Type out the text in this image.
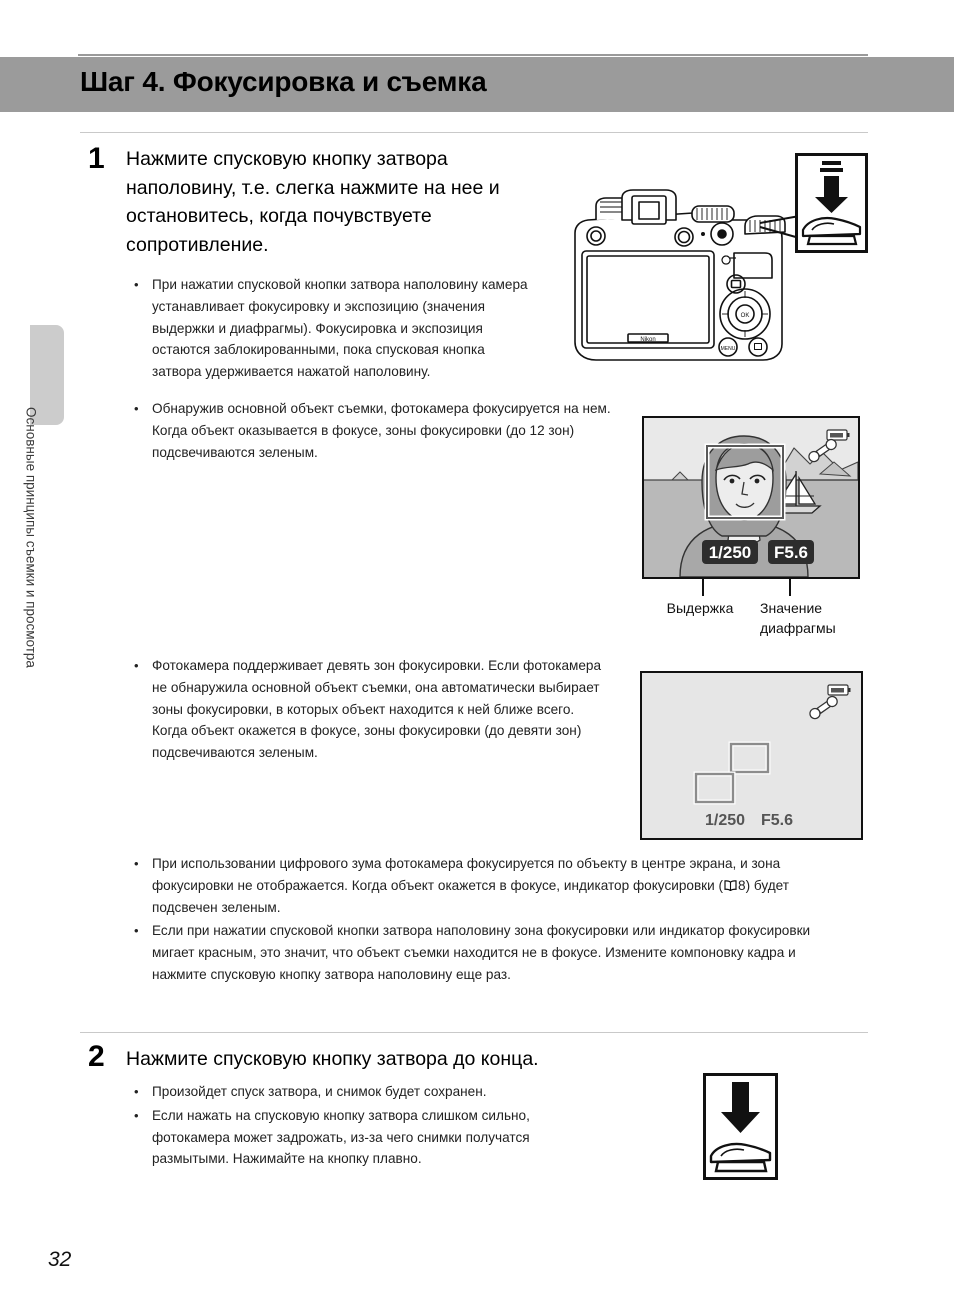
Шаг 4. Фокусировка и съемка
Основные принципы съемки и просмотра
1 Нажмите спусковую кнопку затвора наполовину, т.е. слегка нажмите на нее и остановитесь, когда почувствуете сопротивление.
• При нажатии спусковой кнопки затвора наполовину камера устанавливает фокусировку и экспозицию (значения выдержки и диафрагмы). Фокусировка и экспозиция остаются заблокированными, пока спусковая кнопка затвора удерживается нажатой наполовину.
• Обнаружив основной объект съемки, фотокамера фокусируется на нем. Когда объект оказывается в фокусе, зоны фокусировки (до 12 зон) подсвечиваются зеленым.
• Фотокамера поддерживает девять зон фокусировки. Если фотокамера не обнаружила основной объект съемки, она автоматически выбирает зоны фокусировки, в которых объект находится к ней ближе всего. Когда объект окажется в фокусе, зоны фокусировки (до девяти зон) подсвечиваются зеленым.
• При использовании цифрового зума фотокамера фокусируется по объекту в центре экрана, и зона фокусировки не отображается. Когда объект окажется в фокусе, индикатор фокусировки ( 8) будет подсвечен зеленым.
• Если при нажатии спусковой кнопки затвора наполовину зона фокусировки или индикатор фокусировки мигает красным, это значит, что объект съемки находится не в фокусе. Измените компоновку кадра и нажмите спусковую кнопку затвора наполовину еще раз.
Nikon
OK
MENU
1/250 F5.6
Выдержка	Значение диафрагмы
1/250 F5.6
2 Нажмите спусковую кнопку затвора до конца.
• Произойдет спуск затвора, и снимок будет сохранен.
• Если нажать на спусковую кнопку затвора слишком сильно, фотокамера может задрожать, из-за чего снимки получатся размытыми. Нажимайте на кнопку плавно.
32
